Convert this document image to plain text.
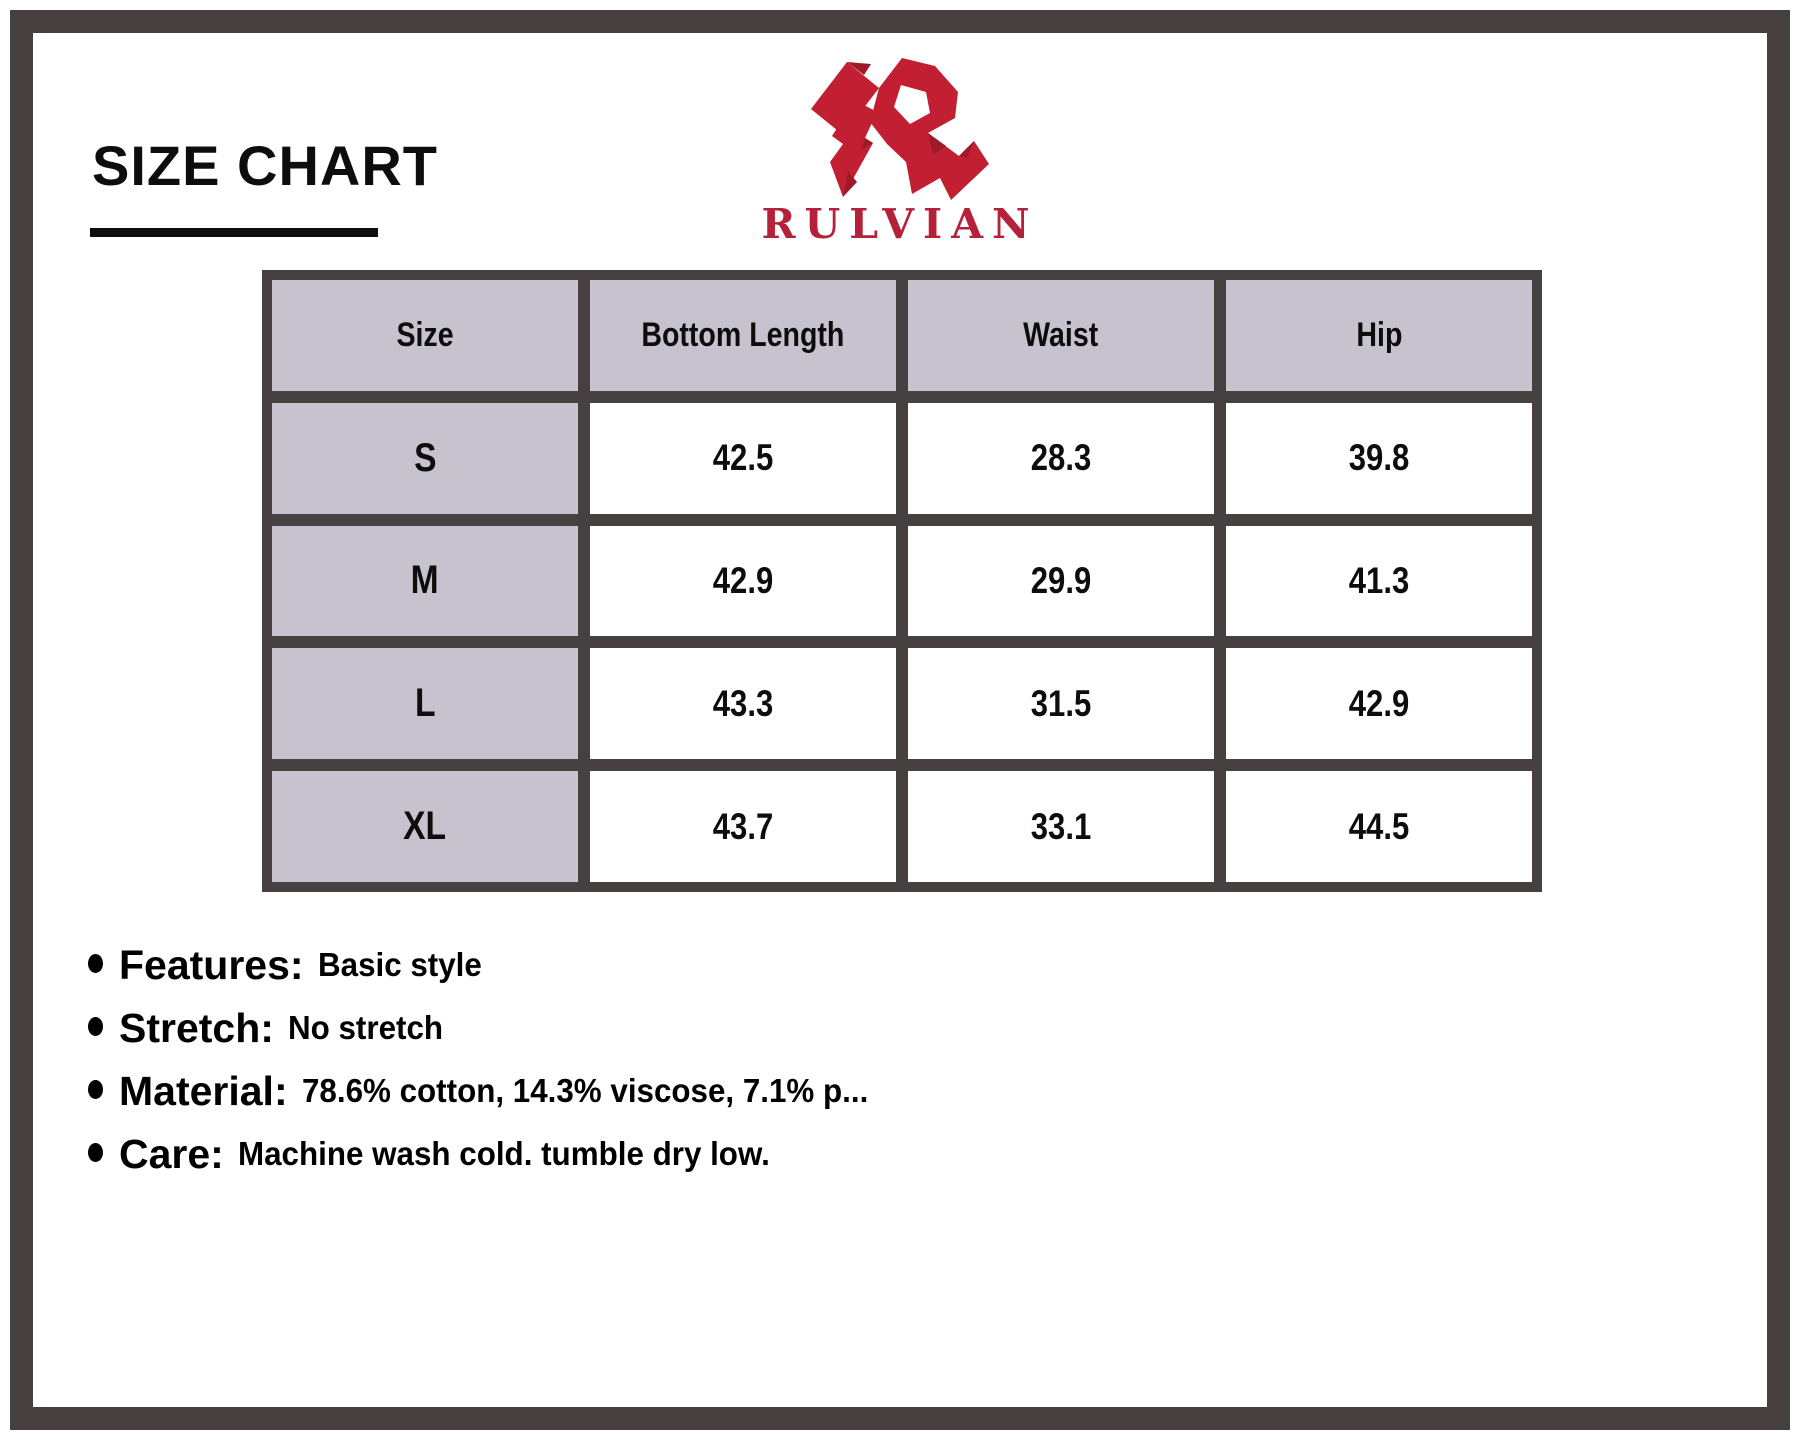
SIZE CHART
RULVIAN
Size	Bottom Length	Waist	Hip
S	42.5	28.3	39.8
M	42.9	29.9	41.3
L	43.3	31.5	42.9
XL	43.7	33.1	44.5
Features: Basic style
Stretch: No stretch
Material: 78.6% cotton, 14.3% viscose, 7.1% p...
Care: Machine wash cold. tumble dry low.
